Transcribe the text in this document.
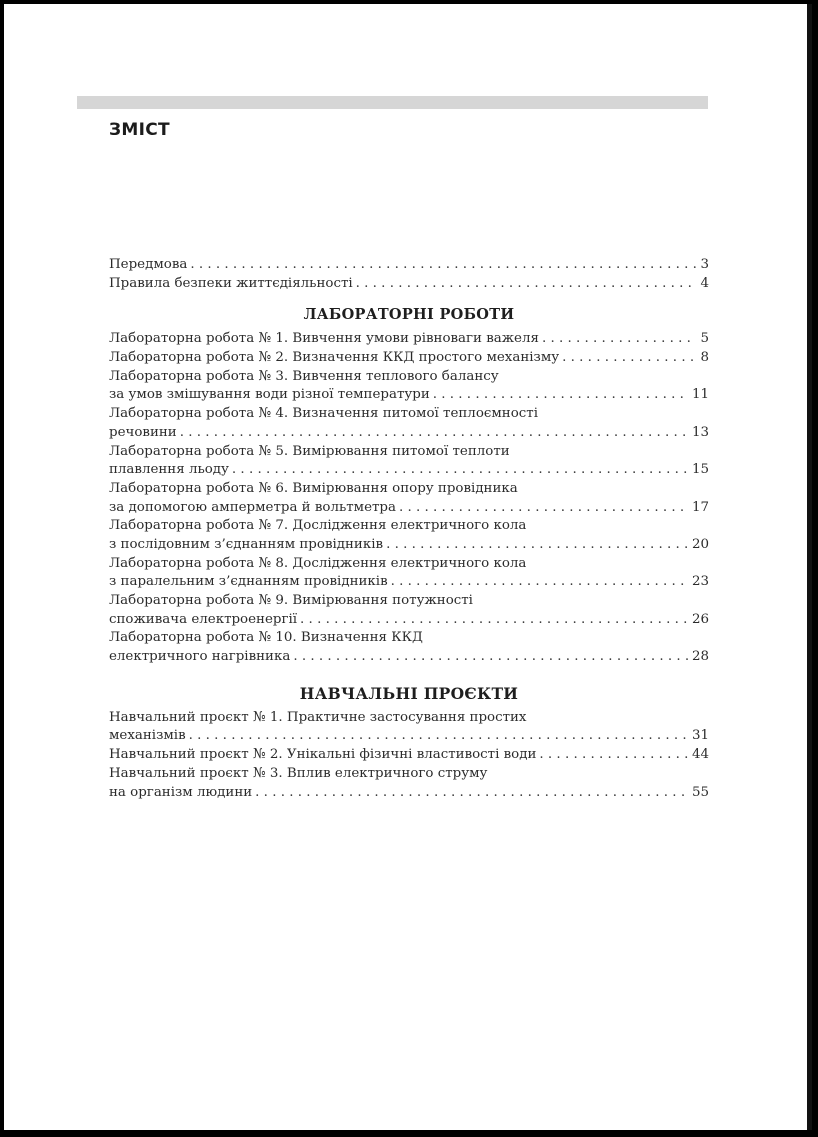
ЗМІСТ
Передмова . . .	3
Правила безпеки життєдіяльності . . .	4
ЛАБОРАТОРНІ РОБОТИ
Лабораторна робота № 1. Вивчення умови рівноваги важеля . . .	5
Лабораторна робота № 2. Визначення ККД простого механізму . . .	8
Лабораторна робота № 3. Вивчення теплового балансу
за умов змішування води різної температури . . .	11
Лабораторна робота № 4. Визначення питомої теплоємності
речовини . . .	13
Лабораторна робота № 5. Вимірювання питомої теплоти
плавлення льоду . . .	15
Лабораторна робота № 6. Вимірювання опору провідника
за допомогою амперметра й вольтметра . . .	17
Лабораторна робота № 7. Дослідження електричного кола
з послідовним з’єднанням провідників . . .	20
Лабораторна робота № 8. Дослідження електричного кола
з паралельним з’єднанням провідників . . .	23
Лабораторна робота № 9. Вимірювання потужності
споживача електроенергії . . .	26
Лабораторна робота № 10. Визначення ККД
електричного нагрівника . . .	28
НАВЧАЛЬНІ ПРОЄКТИ
Навчальний проєкт № 1. Практичне застосування простих
механізмів . . .	31
Навчальний проєкт № 2. Унікальні фізичні властивості води . . .	44
Навчальний проєкт № 3. Вплив електричного струму
на організм людини . . .	55
